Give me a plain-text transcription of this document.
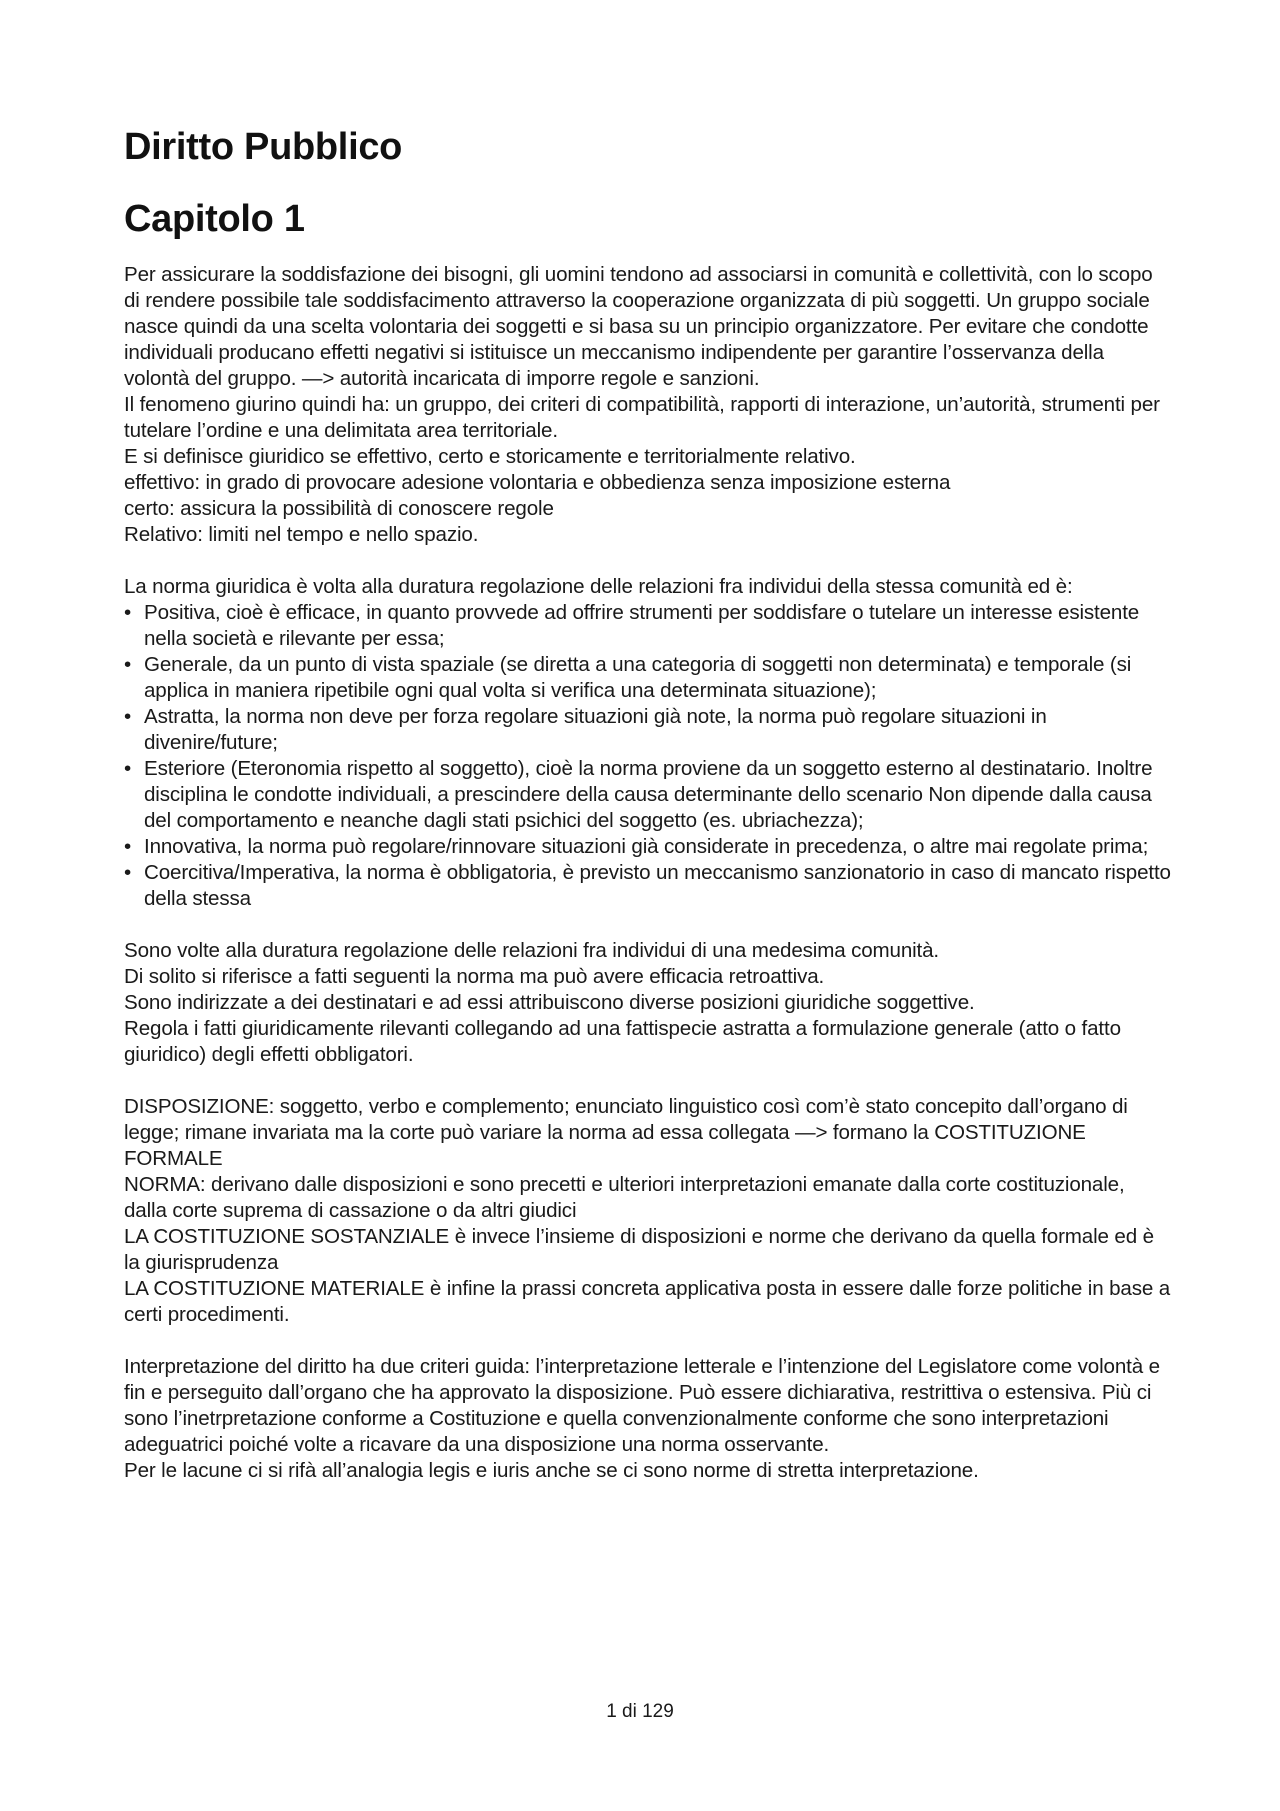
Diritto Pubblico
Capitolo 1

Per assicurare la soddisfazione dei bisogni, gli uomini tendono ad associarsi in comunità e collettività, con lo scopo di rendere possibile tale soddisfacimento attraverso la cooperazione organizzata di più soggetti. Un gruppo sociale nasce quindi da una scelta volontaria dei soggetti e si basa su un principio organizzatore. Per evitare che condotte individuali producano effetti negativi si istituisce un meccanismo indipendente per garantire l’osservanza della volontà del gruppo. —> autorità incaricata di imporre regole e sanzioni.

Il fenomeno giurino quindi ha: un gruppo, dei criteri di compatibilità, rapporti di interazione, un’autorità, strumenti per tutelare l’ordine e una delimitata area territoriale.

E si definisce giuridico se effettivo, certo e storicamente e territorialmente relativo.

effettivo: in grado di provocare adesione volontaria e obbedienza senza imposizione esterna

certo: assicura la possibilità di conoscere regole

Relativo: limiti nel tempo e nello spazio.

La norma giuridica è volta alla duratura regolazione delle relazioni fra individui della stessa comunità ed è:

• Positiva, cioè è efficace, in quanto provvede ad offrire strumenti per soddisfare o tutelare un interesse esistente nella società e rilevante per essa;
• Generale, da un punto di vista spaziale (se diretta a una categoria di soggetti non determinata) e temporale (si applica in maniera ripetibile ogni qual volta si verifica una determinata situazione);
• Astratta, la norma non deve per forza regolare situazioni già note, la norma può regolare situazioni in divenire/future;
• Esteriore (Eteronomia rispetto al soggetto), cioè la norma proviene da un soggetto esterno al destinatario. Inoltre disciplina le condotte individuali, a prescindere della causa determinante dello scenario Non dipende dalla causa del comportamento e neanche dagli stati psichici del soggetto (es. ubriachezza);
• Innovativa, la norma può regolare/rinnovare situazioni già considerate in precedenza, o altre mai regolate prima;
• Coercitiva/Imperativa, la norma è obbligatoria, è previsto un meccanismo sanzionatorio in caso di mancato rispetto della stessa

Sono volte alla duratura regolazione delle relazioni fra individui di una medesima comunità.

Di solito si riferisce a fatti seguenti la norma ma può avere efficacia retroattiva.

Sono indirizzate a dei destinatari e ad essi attribuiscono diverse posizioni giuridiche soggettive.

Regola i fatti giuridicamente rilevanti collegando ad una fattispecie astratta a formulazione generale (atto o fatto giuridico) degli effetti obbligatori.

DISPOSIZIONE: soggetto, verbo e complemento; enunciato linguistico così com’è stato concepito dall’organo di legge; rimane invariata ma la corte può variare la norma ad essa collegata —> formano la COSTITUZIONE FORMALE

NORMA: derivano dalle disposizioni e sono precetti e ulteriori interpretazioni emanate dalla corte costituzionale, dalla corte suprema di cassazione o da altri giudici

LA COSTITUZIONE SOSTANZIALE è invece l’insieme di disposizioni e norme che derivano da quella formale ed è la giurisprudenza

LA COSTITUZIONE MATERIALE è infine la prassi concreta applicativa posta in essere dalle forze politiche in base a certi procedimenti.

Interpretazione del diritto ha due criteri guida: l’interpretazione letterale e l’intenzione del Legislatore come volontà e fin e perseguito dall’organo che ha approvato la disposizione. Può essere dichiarativa, restrittiva o estensiva. Più ci sono l’inetrpretazione conforme a Costituzione e quella convenzionalmente conforme che sono interpretazioni adeguatrici poiché volte a ricavare da una disposizione una norma osservante.

Per le lacune ci si rifà all’analogia legis e iuris anche se ci sono norme di stretta interpretazione.

1 di 129
